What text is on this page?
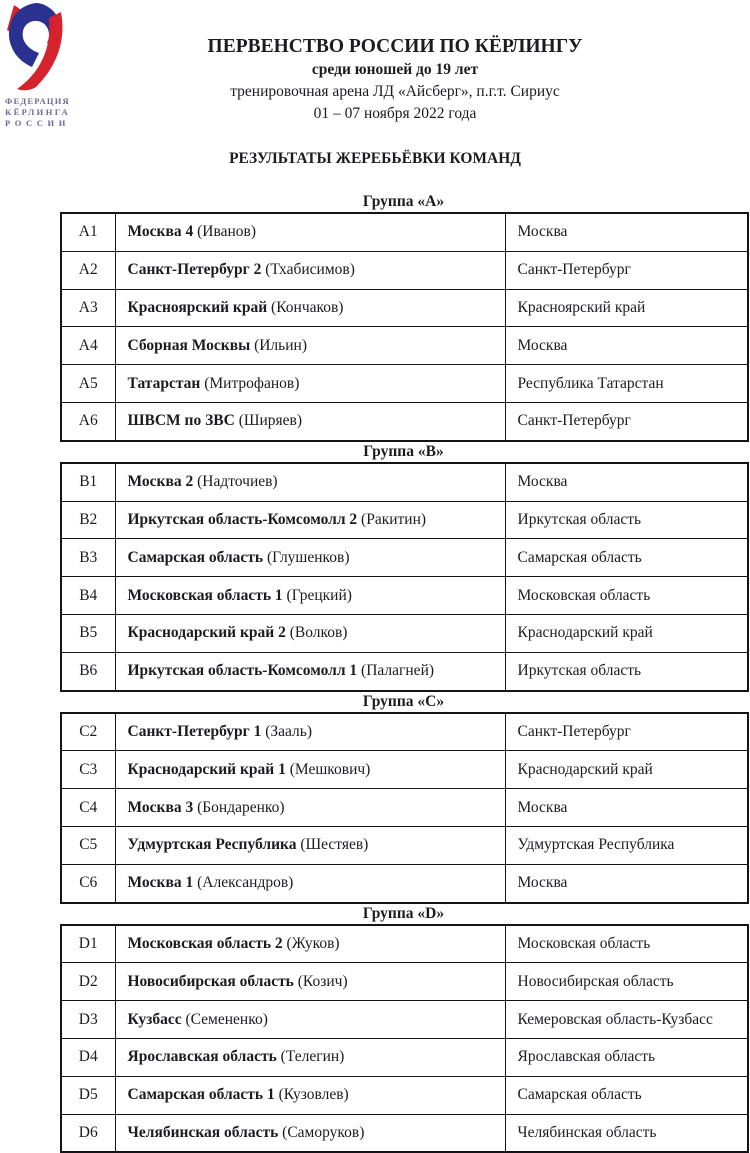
ФЕДЕРАЦИЯ
КЁРЛИНГА
РОССИИ
ПЕРВЕНСТВО РОССИИ ПО КЁРЛИНГУ
среди юношей до 19 лет
тренировочная арена ЛД «Айсберг», п.г.т. Сириус
01 – 07 ноября 2022 года
РЕЗУЛЬТАТЫ ЖЕРЕБЬЁВКИ КОМАНД
Группа «A»
A1	Москва 4 (Иванов)	Москва
A2	Санкт-Петербург 2 (Тхабисимов)	Санкт-Петербург
A3	Красноярский край (Кончаков)	Красноярский край
A4	Сборная Москвы (Ильин)	Москва
A5	Татарстан (Митрофанов)	Республика Татарстан
A6	ШВСМ по ЗВС (Ширяев)	Санкт-Петербург
Группа «B»
B1	Москва 2 (Надточиев)	Москва
B2	Иркутская область-Комсомолл 2 (Ракитин)	Иркутская область
B3	Самарская область (Глушенков)	Самарская область
B4	Московская область 1 (Грецкий)	Московская область
B5	Краснодарский край 2 (Волков)	Краснодарский край
B6	Иркутская область-Комсомолл 1 (Палагней)	Иркутская область
Группа «C»
C2	Санкт-Петербург 1 (Зааль)	Санкт-Петербург
C3	Краснодарский край 1 (Мешкович)	Краснодарский край
C4	Москва 3 (Бондаренко)	Москва
C5	Удмуртская Республика (Шестяев)	Удмуртская Республика
C6	Москва 1 (Александров)	Москва
Группа «D»
D1	Московская область 2 (Жуков)	Московская область
D2	Новосибирская область (Козич)	Новосибирская область
D3	Кузбасс (Семененко)	Кемеровская область-Кузбасс
D4	Ярославская область (Телегин)	Ярославская область
D5	Самарская область 1 (Кузовлев)	Самарская область
D6	Челябинская область (Саморуков)	Челябинская область
